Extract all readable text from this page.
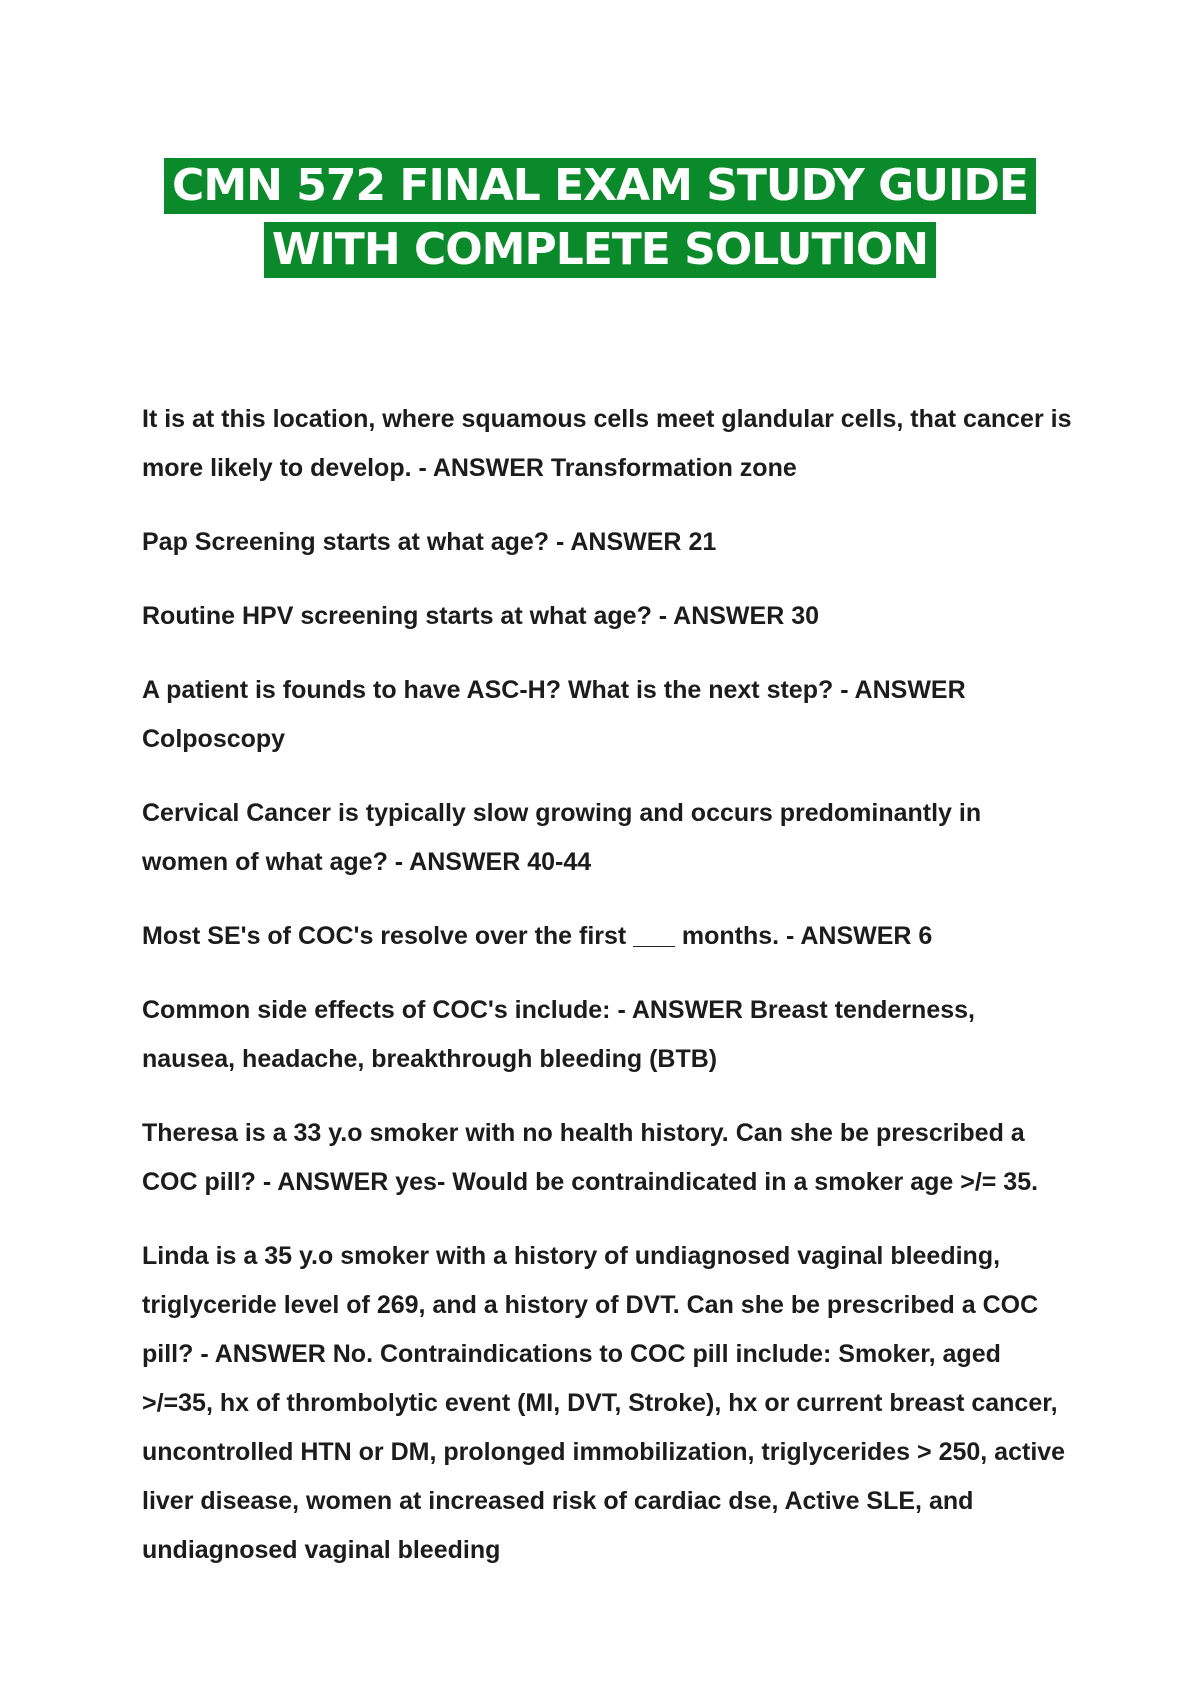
CMN 572 FINAL EXAM STUDY GUIDE
WITH COMPLETE SOLUTION

It is at this location, where squamous cells meet glandular cells, that cancer is more likely to develop. - ANSWER Transformation zone

Pap Screening starts at what age? - ANSWER 21

Routine HPV screening starts at what age? - ANSWER 30

A patient is founds to have ASC-H? What is the next step? - ANSWER
Colposcopy

Cervical Cancer is typically slow growing and occurs predominantly in women of what age? - ANSWER 40-44

Most SE's of COC's resolve over the first ___ months. - ANSWER 6

Common side effects of COC's include: - ANSWER Breast tenderness, nausea, headache, breakthrough bleeding (BTB)

Theresa is a 33 y.o smoker with no health history. Can she be prescribed a COC pill? - ANSWER yes- Would be contraindicated in a smoker age >/= 35.

Linda is a 35 y.o smoker with a history of undiagnosed vaginal bleeding, triglyceride level of 269, and a history of DVT. Can she be prescribed a COC pill? - ANSWER No. Contraindications to COC pill include: Smoker, aged >/=35, hx of thrombolytic event (MI, DVT, Stroke), hx or current breast cancer, uncontrolled HTN or DM, prolonged immobilization, triglycerides > 250, active liver disease, women at increased risk of cardiac dse, Active SLE, and undiagnosed vaginal bleeding
